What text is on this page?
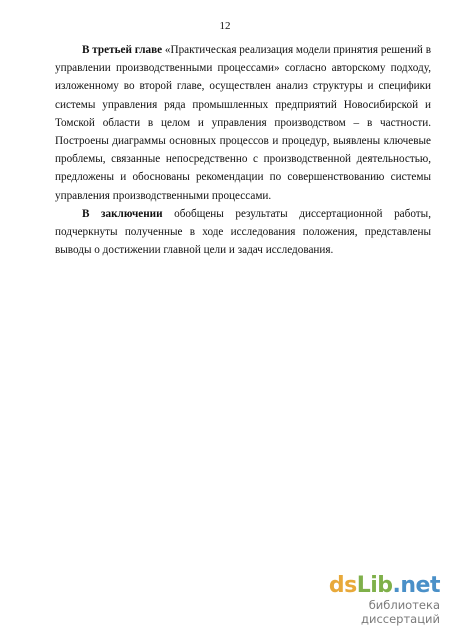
12

В третьей главе «Практическая реализация модели принятия решений в управлении производственными процессами» согласно авторскому подходу, изложенному во второй главе, осуществлен анализ структуры и специфики системы управления ряда промышленных предприятий Новосибирской и Томской области в целом и управления производством – в частности. Построены диаграммы основных процессов и процедур, выявлены ключевые проблемы, связанные непосредственно с производственной деятельностью, предложены и обоснованы рекомендации по совершенствованию системы управления производственными процессами.

В заключении обобщены результаты диссертационной работы, подчеркнуты полученные в ходе исследования положения, представлены выводы о достижении главной цели и задач исследования.

dsLib.net
библиотека диссертаций
